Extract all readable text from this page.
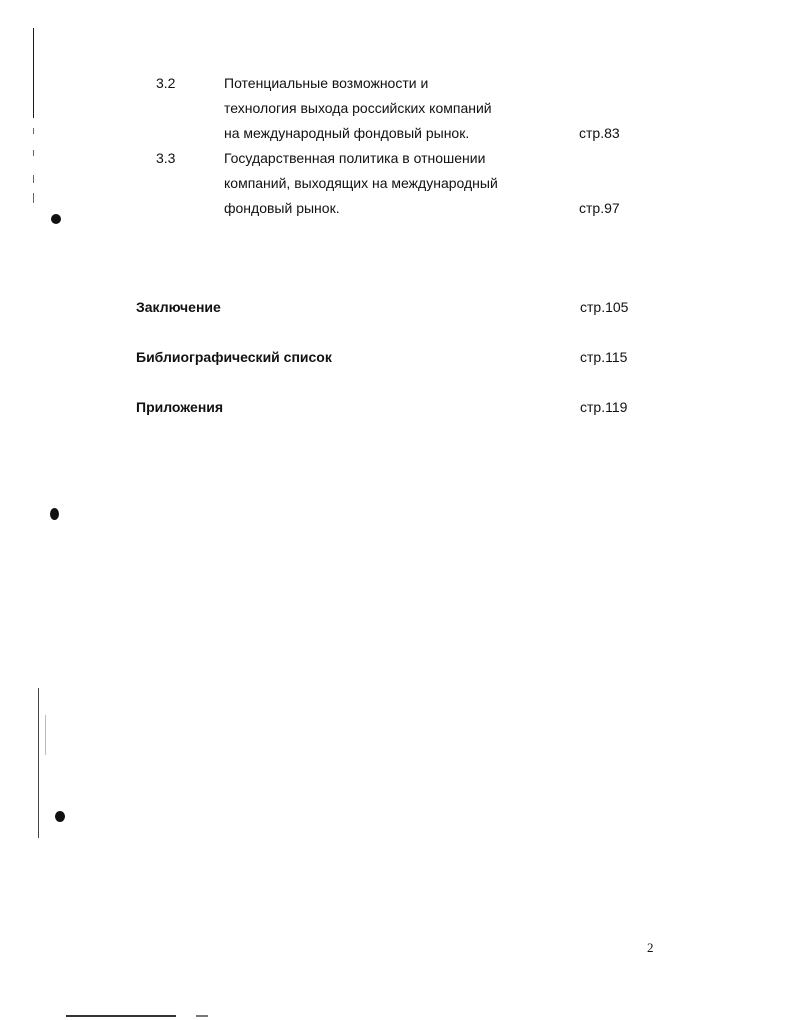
3.2	Потенциальные возможности и
технология выхода российских компаний
на международный фондовый рынок.	стр.83
3.3	Государственная политика в отношении
компаний, выходящих на международный
фондовый рынок.	стр.97
Заключение	стр.105
Библиографический список	стр.115
Приложения	стр.119
2
